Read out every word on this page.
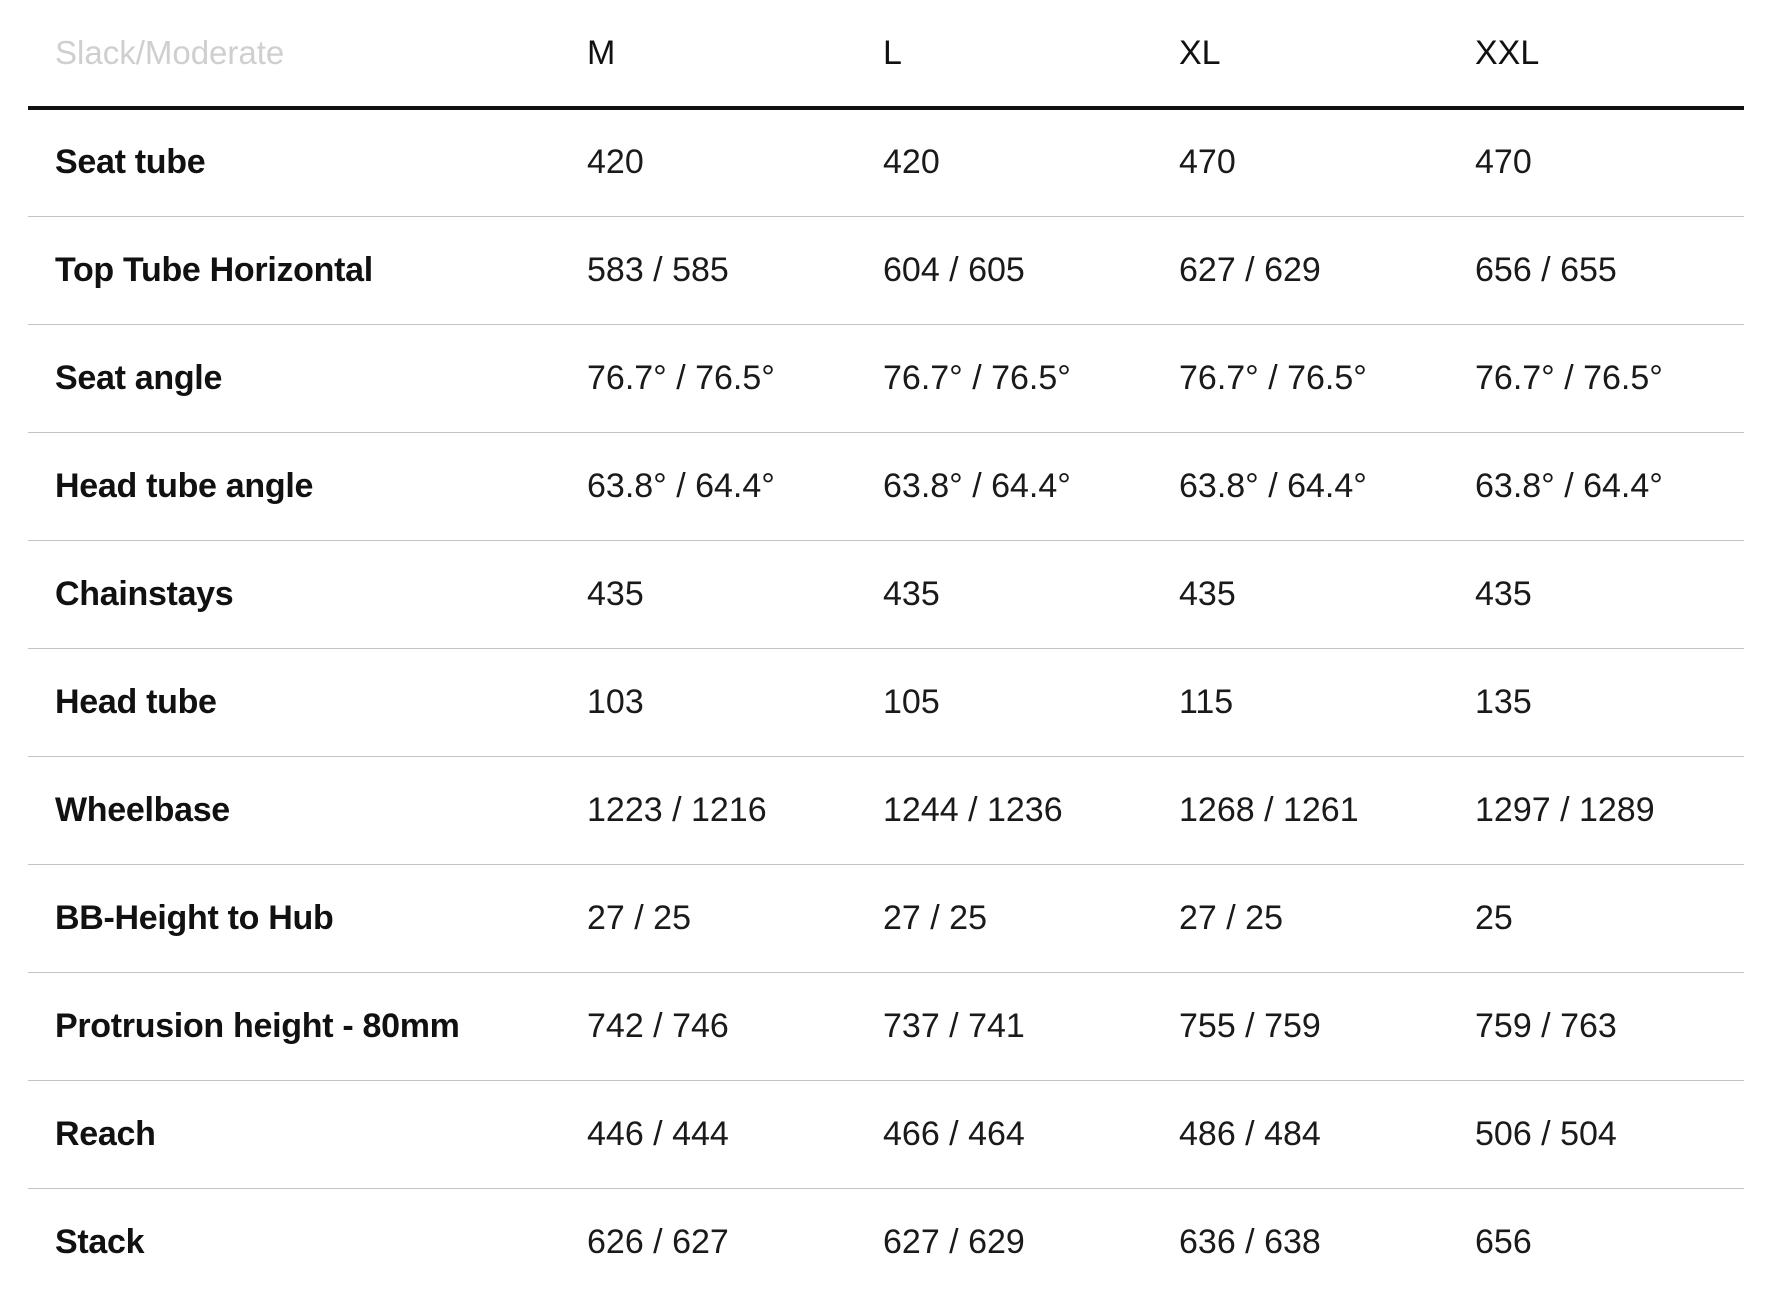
Slack/Moderate	M	L	XL	XXL
Seat tube	420	420	470	470
Top Tube Horizontal	583 / 585	604 / 605	627 / 629	656 / 655
Seat angle	76.7° / 76.5°	76.7° / 76.5°	76.7° / 76.5°	76.7° / 76.5°
Head tube angle	63.8° / 64.4°	63.8° / 64.4°	63.8° / 64.4°	63.8° / 64.4°
Chainstays	435	435	435	435
Head tube	103	105	115	135
Wheelbase	1223 / 1216	1244 / 1236	1268 / 1261	1297 / 1289
BB-Height to Hub	27 / 25	27 / 25	27 / 25	25
Protrusion height - 80mm	742 / 746	737 / 741	755 / 759	759 / 763
Reach	446 / 444	466 / 464	486 / 484	506 / 504
Stack	626 / 627	627 / 629	636 / 638	656
